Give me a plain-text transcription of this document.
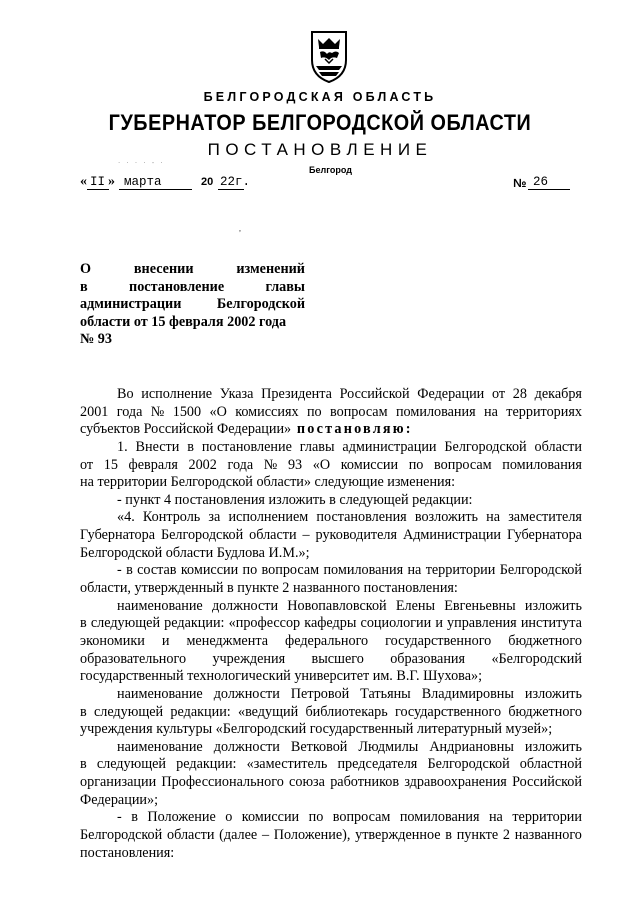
БЕЛГОРОДСКАЯ ОБЛАСТЬ
ГУБЕРНАТОР БЕЛГОРОДСКОЙ ОБЛАСТИ
ПОСТАНОВЛЕНИЕ
· · · · - ·
Белгород
« II » марта	20 22г.	№ 26
,
О	внесении	изменений
в	постановление	главы
администрации Белгородской
области от 15 февраля 2002 года
№ 93
Во исполнение Указа Президента Российской Федерации от 28 декабря
2001 года № 1500 «О комиссиях по вопросам помилования на территориях
субъектов Российской Федерации» постановляю:
1. Внести в постановление главы администрации Белгородской области
от 15 февраля 2002 года № 93 «О комиссии по вопросам помилования
на территории Белгородской области» следующие изменения:
- пункт 4 постановления изложить в следующей редакции:
«4. Контроль за исполнением постановления возложить на заместителя
Губернатора Белгородской области – руководителя Администрации Губернатора
Белгородской области Будлова И.М.»;
- в состав комиссии по вопросам помилования на территории Белгородской
области, утвержденный в пункте 2 названного постановления:
наименование должности Новопавловской Елены Евгеньевны изложить
в следующей редакции: «профессор кафедры социологии и управления института
экономики и менеджмента федерального государственного бюджетного
образовательного учреждения высшего образования «Белгородский
государственный технологический университет им. В.Г. Шухова»;
наименование должности Петровой Татьяны Владимировны изложить
в следующей редакции: «ведущий библиотекарь государственного бюджетного
учреждения культуры «Белгородский государственный литературный музей»;
наименование должности Ветковой Людмилы Андриановны изложить
в следующей редакции: «заместитель председателя Белгородской областной
организации Профессионального союза работников здравоохранения Российской
Федерации»;
- в Положение о комиссии по вопросам помилования на территории
Белгородской области (далее – Положение), утвержденное в пункте 2 названного
постановления:
